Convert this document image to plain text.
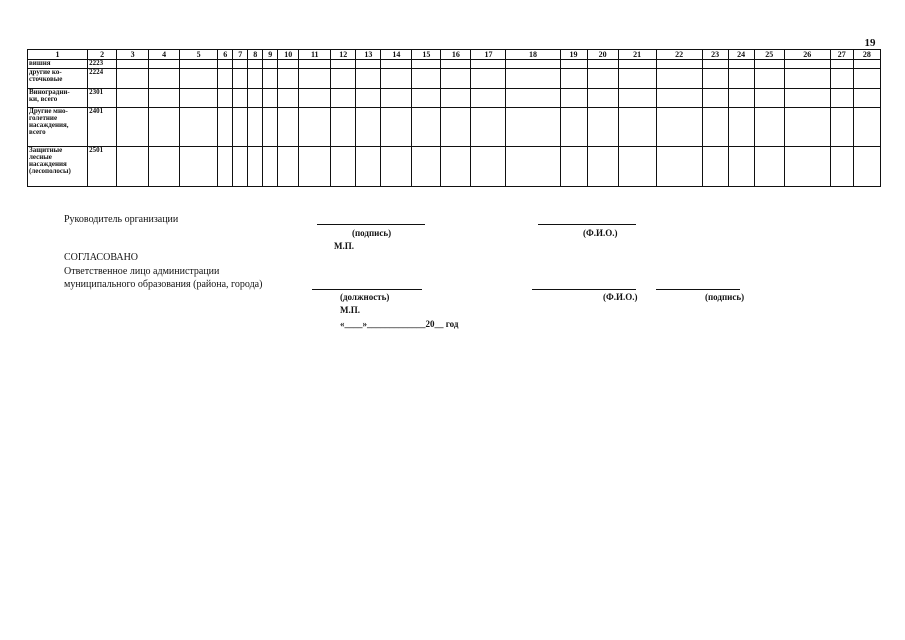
19
1	2	3	4	5	6	7	8	9	10	11	12	13	14	15	16	17	18	19	20	21	22	23	24	25	26	27	28
вишня	2223																										
другие ко-
сточковые	2224																										
Виноградни-
ки, всего	2301																										
Другие мно-
голетние
насаждения,
всего	2401																										
Защитные
лесные
насаждения
(лесополосы)	2501																										
Руководитель организации
(подпись)	(Ф.И.О.)
М.П.
СОГЛАСОВАНО
Ответственное лицо администрации
муниципального образования (района, города)
(должность)	(Ф.И.О.)	(подпись)
М.П.
«____»_____________20__ год
